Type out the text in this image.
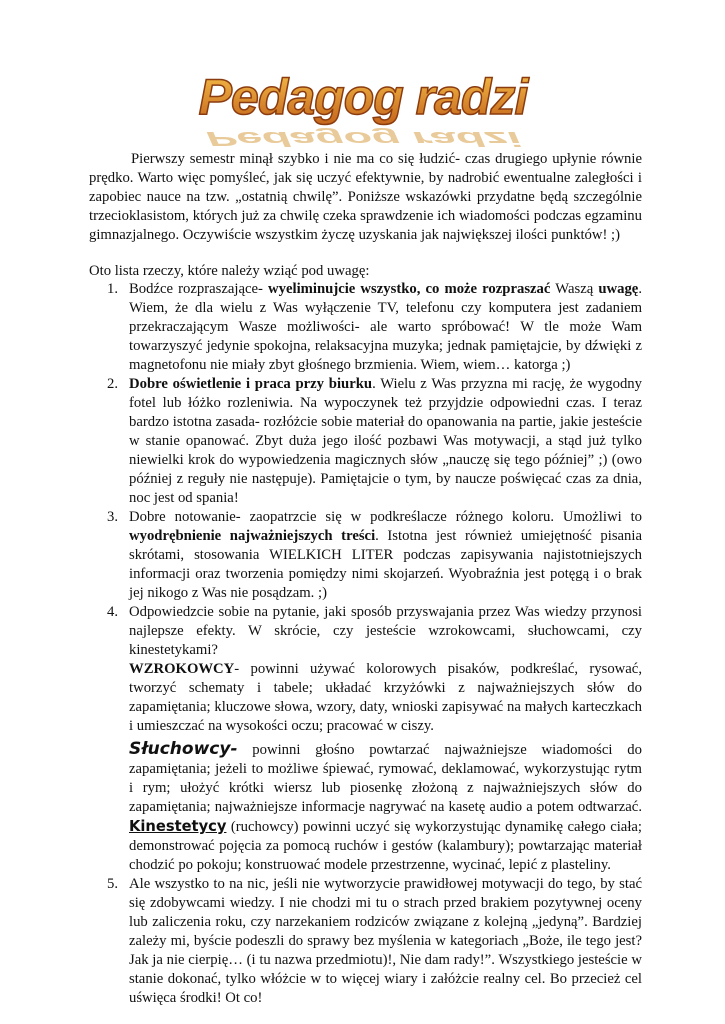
Pedagog radzi
Pedagog radzi

Pierwszy semestr minął szybko i nie ma co się łudzić- czas drugiego upłynie równie prędko. Warto więc pomyśleć, jak się uczyć efektywnie, by nadrobić ewentualne zaległości i zapobiec nauce na tzw. „ostatnią chwilę”. Poniższe wskazówki przydatne będą szczególnie trzecioklasistom, których już za chwilę czeka sprawdzenie ich wiadomości podczas egzaminu gimnazjalnego. Oczywiście wszystkim życzę uzyskania jak największej ilości punktów! ;)

Oto lista rzeczy, które należy wziąć pod uwagę:

1. Bodźce rozpraszające- wyeliminujcie wszystko, co może rozpraszać Waszą uwagę. Wiem, że dla wielu z Was wyłączenie TV, telefonu czy komputera jest zadaniem przekraczającym Wasze możliwości- ale warto spróbować! W tle może Wam towarzyszyć jedynie spokojna, relaksacyjna muzyka; jednak pamiętajcie, by dźwięki z magnetofonu nie miały zbyt głośnego brzmienia. Wiem, wiem… katorga ;)
2. Dobre oświetlenie i praca przy biurku. Wielu z Was przyzna mi rację, że wygodny fotel lub łóżko rozleniwia. Na wypoczynek też przyjdzie odpowiedni czas. I teraz bardzo istotna zasada- rozłóżcie sobie materiał do opanowania na partie, jakie jesteście w stanie opanować. Zbyt duża jego ilość pozbawi Was motywacji, a stąd już tylko niewielki krok do wypowiedzenia magicznych słów „nauczę się tego później” ;) (owo później z reguły nie następuje). Pamiętajcie o tym, by naucze poświęcać czas za dnia, noc jest od spania!
3. Dobre notowanie- zaopatrzcie się w podkreślacze różnego koloru. Umożliwi to wyodrębnienie najważniejszych treści. Istotna jest również umiejętność pisania skrótami, stosowania WIELKICH LITER podczas zapisywania najistotniejszych informacji oraz tworzenia pomiędzy nimi skojarzeń. Wyobraźnia jest potęgą i o brak jej nikogo z Was nie posądzam. ;)
4. Odpowiedzcie sobie na pytanie, jaki sposób przyswajania przez Was wiedzy przynosi najlepsze efekty. W skrócie, czy jesteście wzrokowcami, słuchowcami, czy kinestetykami?

WZROKOWCY- powinni używać kolorowych pisaków, podkreślać, rysować, tworzyć schematy i tabele; układać krzyżówki z najważniejszych słów do zapamiętania; kluczowe słowa, wzory, daty, wnioski zapisywać na małych karteczkach i umieszczać na wysokości oczu; pracować w ciszy.

Słuchowcy- powinni głośno powtarzać najważniejsze wiadomości do zapamiętania; jeżeli to możliwe śpiewać, rymować, deklamować, wykorzystując rytm i rym; ułożyć krótki wiersz lub piosenkę złożoną z najważniejszych słów do zapamiętania; najważniejsze informacje nagrywać na kasetę audio a potem odtwarzać. Kinestetycy (ruchowcy) powinni uczyć się wykorzystując dynamikę całego ciała; demonstrować pojęcia za pomocą ruchów i gestów (kalambury); powtarzając materiał chodzić po pokoju; konstruować modele przestrzenne, wycinać, lepić z plasteliny.

5. Ale wszystko to na nic, jeśli nie wytworzycie prawidłowej motywacji do tego, by stać się zdobywcami wiedzy. I nie chodzi mi tu o strach przed brakiem pozytywnej oceny lub zaliczenia roku, czy narzekaniem rodziców związane z kolejną „jedyną”. Bardziej zależy mi, byście podeszli do sprawy bez myślenia w kategoriach „Boże, ile tego jest? Jak ja nie cierpię… (i tu nazwa przedmiotu)!, Nie dam rady!”. Wszystkiego jesteście w stanie dokonać, tylko włóżcie w to więcej wiary i załóżcie realny cel. Bo przecież cel uświęca środki! Ot co!
